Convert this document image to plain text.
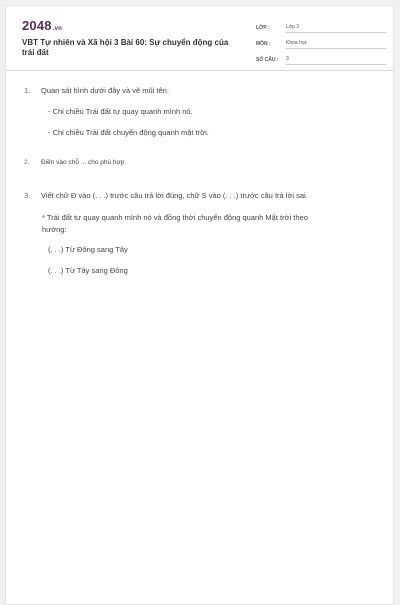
2048.vn
VBT Tự nhiên và Xã hội 3 Bài 60: Sự chuyển động của trái đất
LỚP :	Lớp 3
MÔN :	Khoa học
SỐ CÂU :	3
1. Quan sát hình dưới đây và vẽ mũi tên:
- Chỉ chiều Trái đất tự quay quanh mình nó.
- Chỉ chiều Trái đất chuyển động quanh mặt trời.
2. Điền vào chỗ ... cho phù hợp
3. Viết chữ Đ vào (. . .) trước câu trả lời đúng, chữ S vào (. . .) trước câu trả lời sai.
* Trái đất tự quay quanh mình nó và đồng thời chuyển động quanh Mặt trời theo
hướng:
(. . .) Từ Đông sang Tây
(. . .) Từ Tây sang Đông
